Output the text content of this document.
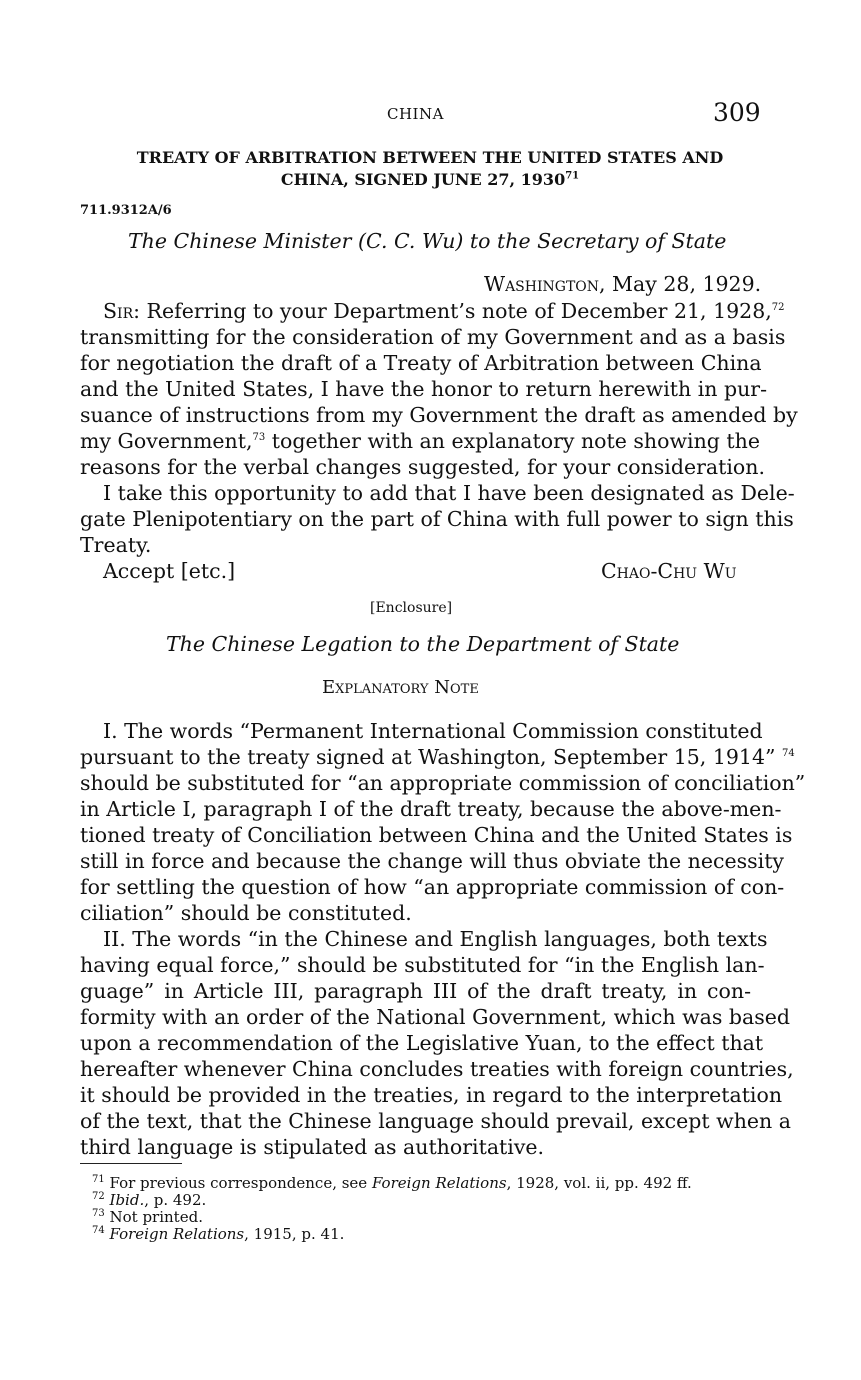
CHINA	309
TREATY OF ARBITRATION BETWEEN THE UNITED STATES AND
CHINA, SIGNED JUNE 27, 1930$^{71}$
711.9312A/6
The Chinese Minister (C. C. Wu) to the Secretary of State
Washington, May 28, 1929.
Sir: Referring to your Department’s note of December 21, 1928,72
transmitting for the consideration of my Government and as a basis
for negotiation the draft of a Treaty of Arbitration between China
and the United States, I have the honor to return herewith in pur-
suance of instructions from my Government the draft as amended by
my Government,$^{73}$ together with an explanatory note showing the
reasons for the verbal changes suggested, for your consideration.
I take this opportunity to add that I have been designated as Dele-
gate Plenipotentiary on the part of China with full power to sign this
Treaty.
Accept [etc.]	Chao-Chu Wu
[Enclosure]
The Chinese Legation to the Department of State
Explanatory Note
I. The words “Permanent International Commission constituted
pursuant to the treaty signed at Washington, September 15, 1914” $^{74}$
should be substituted for “an appropriate commission of conciliation”
in Article I, paragraph I of the draft treaty, because the above-men-
tioned treaty of Conciliation between China and the United States is
still in force and because the change will thus obviate the necessity
for settling the question of how “an appropriate commission of con-
ciliation” should be constituted.
II. The words “in the Chinese and English languages, both texts
having equal force,” should be substituted for “in the English lan-
guage” in Article III, paragraph III of the draft treaty, in con-
formity with an order of the National Government, which was based
upon a recommendation of the Legislative Yuan, to the effect that
hereafter whenever China concludes treaties with foreign countries,
it should be provided in the treaties, in regard to the interpretation
of the text, that the Chinese language should prevail, except when a
third language is stipulated as authoritative.
$^{71}$ For previous correspondence, see Foreign Relations, 1928, vol. ii, pp. 492 ff.
$^{72}$ Ibid., p. 492.
$^{73}$ Not printed.
$^{74}$ Foreign Relations, 1915, p. 41.
